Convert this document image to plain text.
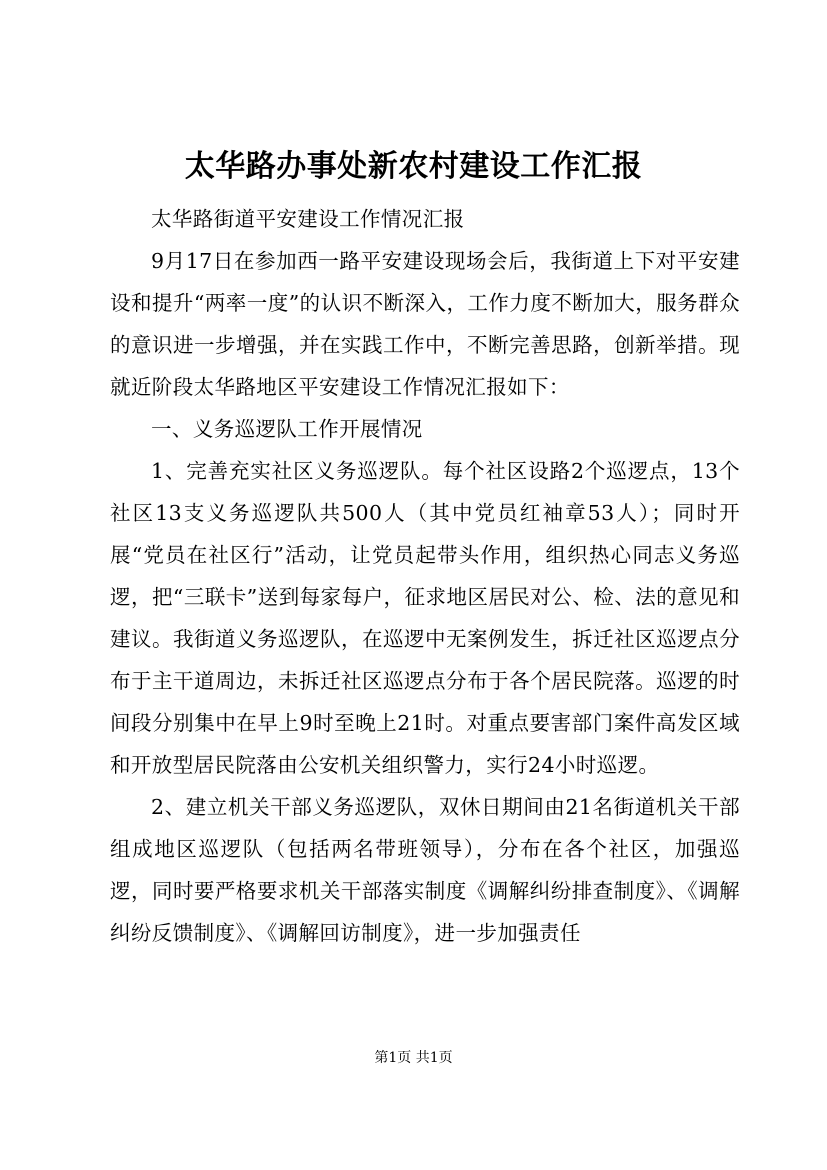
太华路办事处新农村建设工作汇报

太华路街道平安建设工作情况汇报

9月17日在参加西一路平安建设现场会后，我街道上下对平安建设和提升“两率一度”的认识不断深入，工作力度不断加大，服务群众的意识进一步增强，并在实践工作中，不断完善思路，创新举措。现就近阶段太华路地区平安建设工作情况汇报如下：

一、义务巡逻队工作开展情况

1、完善充实社区义务巡逻队。每个社区设路2个巡逻点，13个社区13支义务巡逻队共500人（其中党员红袖章53人）；同时开展“党员在社区行”活动，让党员起带头作用，组织热心同志义务巡逻，把“三联卡”送到每家每户，征求地区居民对公、检、法的意见和建议。我街道义务巡逻队，在巡逻中无案例发生，拆迁社区巡逻点分布于主干道周边，未拆迁社区巡逻点分布于各个居民院落。巡逻的时间段分别集中在早上9时至晚上21时。对重点要害部门案件高发区域和开放型居民院落由公安机关组织警力，实行24小时巡逻。

2、建立机关干部义务巡逻队，双休日期间由21名街道机关干部组成地区巡逻队（包括两名带班领导），分布在各个社区，加强巡逻，同时要严格要求机关干部落实制度《调解纠纷排查制度》、《调解纠纷反馈制度》、《调解回访制度》，进一步加强责任

第1页 共1页
